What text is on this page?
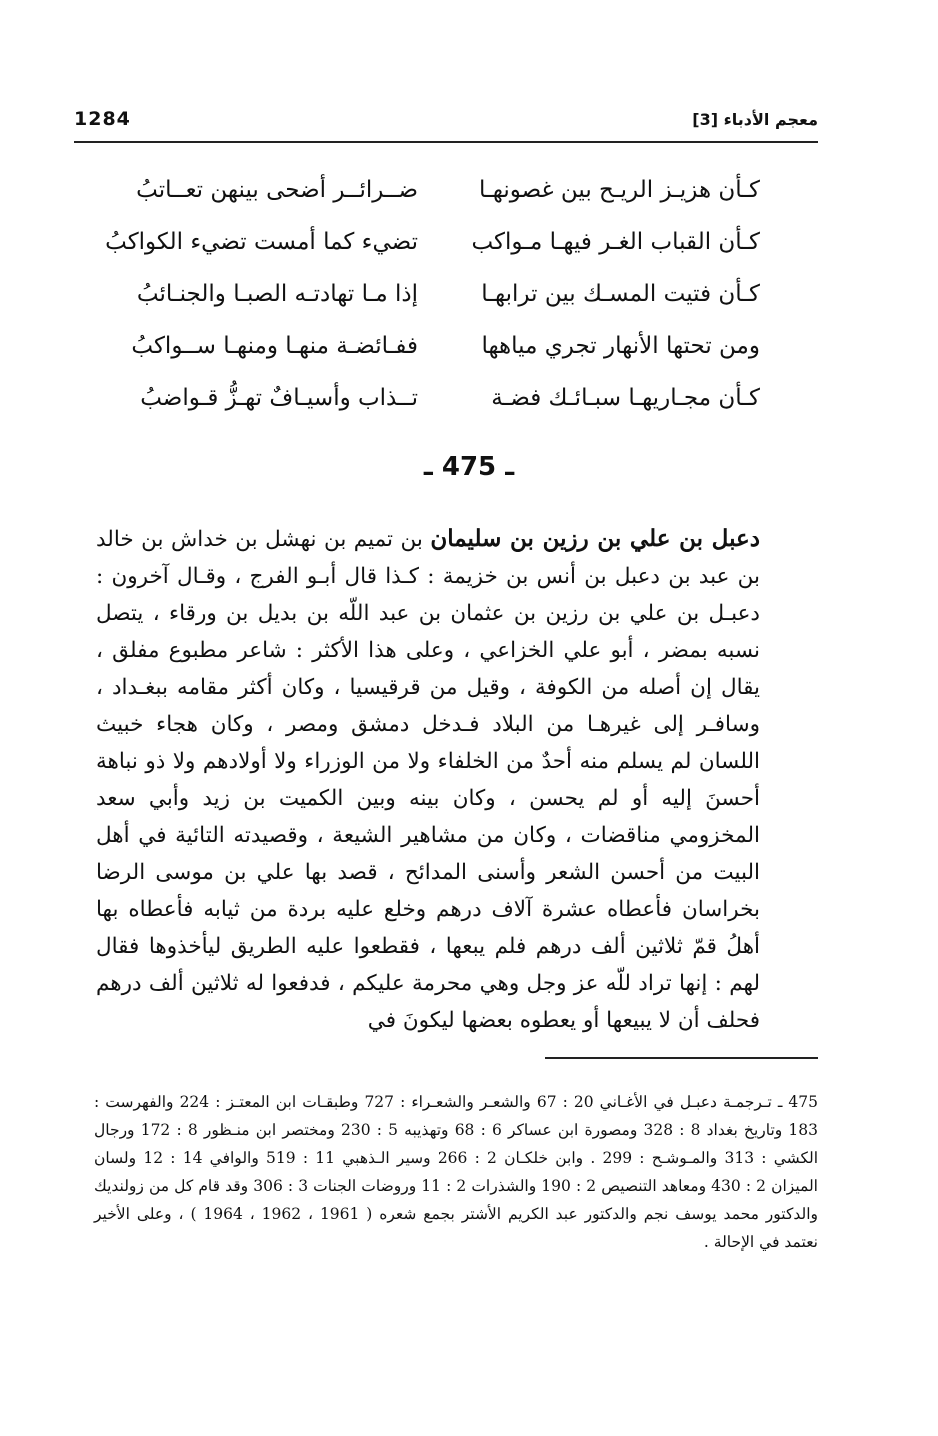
1284	معجم الأدباء [3]
كـأن هزيـز الريـح بين غصونهـا
ضــرائــر أضحى بينهن تعــاتبُ
كـأن القباب الغـر فيهـا مـواكب
تضيء كما أمست تضيء الكواكبُ
كـأن فتيت المسـك بين ترابهـا
إذا مـا تهادتـه الصبـا والجنـائبُ
ومن تحتها الأنهار تجري مياهها
ففـائضـة منهـا ومنهـا ســواكبُ
كـأن مجـاريهـا سبـائـك فضـة
تــذاب وأسيـافٌ تهـزُّ قـواضبُ
ـ 475 ـ
دعبل بن علي بن رزين بن سليمان بن تميم بن نهشل بن خداش بن خالد بن عبد بن دعبل بن أنس بن خزيمة : كـذا قال أبـو الفرج ، وقـال آخرون : دعبـل بن علي بن رزين بن عثمان بن عبد اللّه بن بديل بن ورقاء ، يتصل نسبه بمضر ، أبو علي الخزاعي ، وعلى هذا الأكثر : شاعر مطبوع مفلق ، يقال إن أصله من الكوفة ، وقيل من قرقيسيا ، وكان أكثر مقامه ببغـداد ، وسافـر إلى غيرهـا من البلاد فـدخل دمشق ومصر ، وكان هجاء خبيث اللسان لم يسلم منه أحدٌ من الخلفاء ولا من الوزراء ولا أولادهم ولا ذو نباهة أحسنَ إليه أو لم يحسن ، وكان بينه وبين الكميت بن زيد وأبي سعد المخزومي مناقضات ، وكان من مشاهير الشيعة ، وقصيدته التائية في أهل البيت من أحسن الشعر وأسنى المدائح ، قصد بها علي بن موسى الرضا بخراسان فأعطاه عشرة آلاف درهم وخلع عليه بردة من ثيابه فأعطاه بها أهلُ قمّ ثلاثين ألف درهم فلم يبعها ، فقطعوا عليه الطريق ليأخذوها فقال لهم : إنها تراد للّه عز وجل وهي محرمة عليكم ، فدفعوا له ثلاثين ألف درهم فحلف أن لا يبيعها أو يعطوه بعضها ليكونَ في
475 ـ تـرجمـة دعبـل في الأغـاني 20 : 67 والشعـر والشعـراء : 727 وطبقـات ابن المعتـز : 224 والفهرست : 183 وتاريخ بغداد 8 : 328 ومصورة ابن عساكر 6 : 68 وتهذيبه 5 : 230 ومختصر ابن منـظور 8 : 172 ورجال الكشي : 313 والمـوشـح : 299 . وابن خلكـان 2 : 266 وسير الـذهبي 11 : 519 والوافي 14 : 12 ولسان الميزان 2 : 430 ومعاهد التنصيص 2 : 190 والشذرات 2 : 11 وروضات الجنات 3 : 306 وقد قام كل من زولنديك والدكتور محمد يوسف نجم والدكتور عبد الكريم الأشتر بجمع شعره ( 1961 ، 1962 ، 1964 ) ، وعلى الأخير نعتمد في الإحالة .
